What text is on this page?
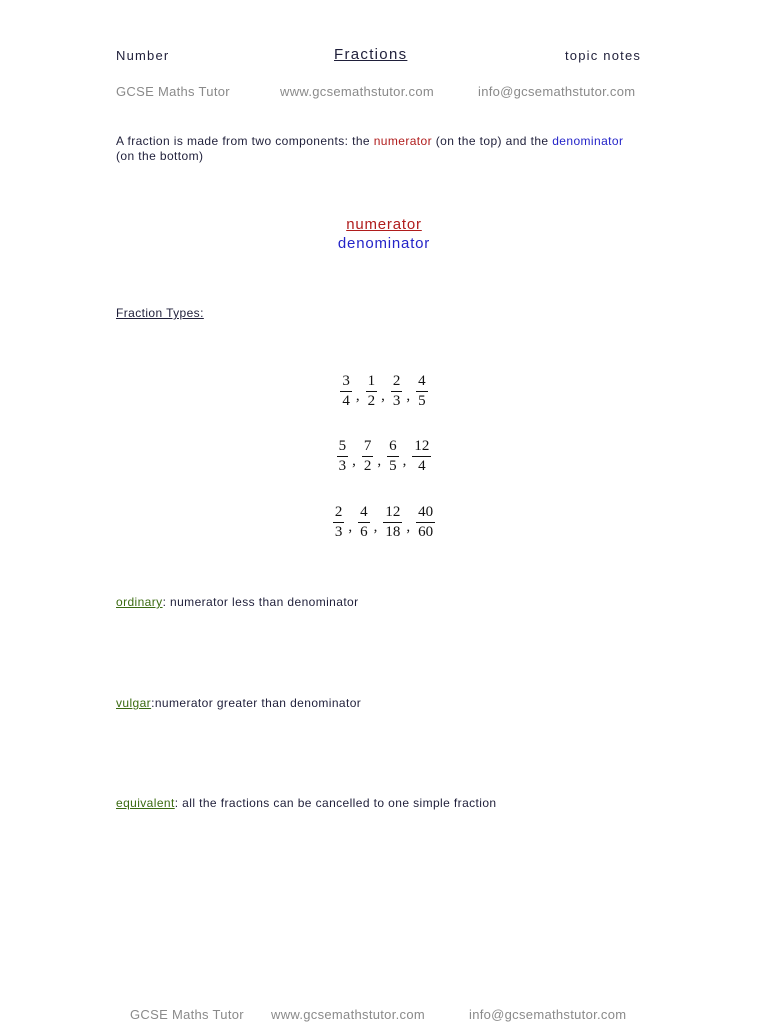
Number	Fractions	topic notes
GCSE Maths Tutor	www.gcsemathstutor.com	info@gcsemathstutor.com
A fraction is made from two components: the numerator (on the top) and the denominator
(on the bottom)
numerator
denominator
Fraction Types:
$\frac{3}{4}$ , $\frac{1}{2}$ , $\frac{2}{3}$ , $\frac{4}{5}$
$\frac{5}{3}$ , $\frac{7}{2}$ , $\frac{6}{5}$ , $\frac{12}{4}$
$\frac{2}{3}$ , $\frac{4}{6}$ , $\frac{12}{18}$ , $\frac{40}{60}$
ordinary: numerator less than denominator
vulgar:numerator greater than denominator
equivalent: all the fractions can be cancelled to one simple fraction
GCSE Maths Tutor www.gcsemathstutor.com	info@gcsemathstutor.com
